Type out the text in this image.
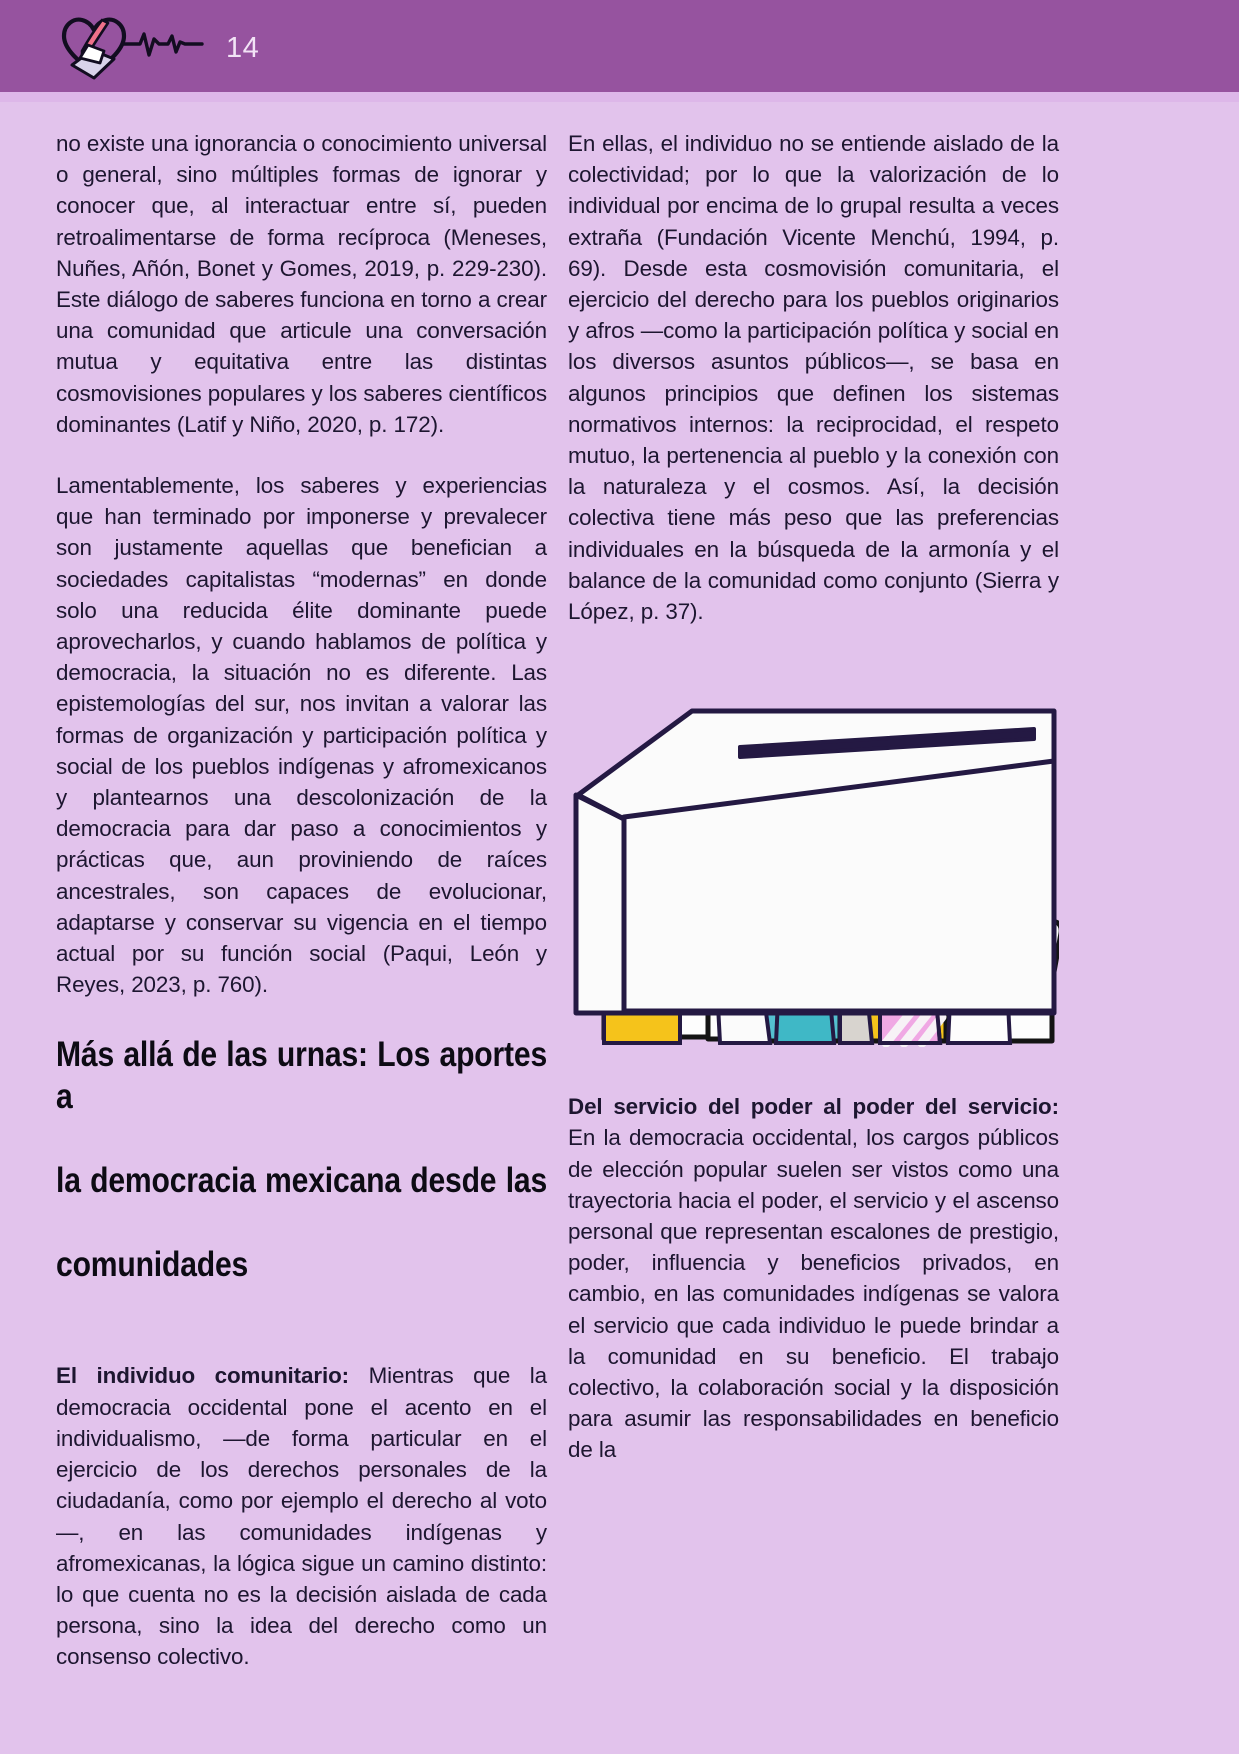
14

no existe una ignorancia o conocimiento universal o general, sino múltiples formas de ignorar y conocer que, al interactuar entre sí, pueden retroalimentarse de forma recíproca (Meneses, Nuñes, Añón, Bonet y Gomes, 2019, p. 229-230). Este diálogo de saberes funciona en torno a crear una comunidad que articule una conversación mutua y equitativa entre las distintas cosmovisiones populares y los saberes científicos dominantes (Latif y Niño, 2020, p. 172).

Lamentablemente, los saberes y experiencias que han terminado por imponerse y prevalecer son justamente aquellas que benefician a sociedades capitalistas “modernas” en donde solo una reducida élite dominante puede aprovecharlos, y cuando hablamos de política y democracia, la situación no es diferente. Las epistemologías del sur, nos invitan a valorar las formas de organización y participación política y social de los pueblos indígenas y afromexicanos y plantearnos una descolonización de la democracia para dar paso a conocimientos y prácticas que, aun proviniendo de raíces ancestrales, son capaces de evolucionar, adaptarse y conservar su vigencia en el tiempo actual por su función social (Paqui, León y Reyes, 2023, p. 760).

Más allá de las urnas: Los aportes a
la democracia mexicana desde las
comunidades

El individuo comunitario: Mientras que la democracia occidental pone el acento en el individualismo, —de forma particular en el ejercicio de los derechos personales de la ciudadanía, como por ejemplo el derecho al voto—, en las comunidades indígenas y afromexicanas, la lógica sigue un camino distinto: lo que cuenta no es la decisión aislada de cada persona, sino la idea del derecho como un consenso colectivo.

En ellas, el individuo no se entiende aislado de la colectividad; por lo que la valorización de lo individual por encima de lo grupal resulta a veces extraña (Fundación Vicente Menchú, 1994, p. 69). Desde esta cosmovisión comunitaria, el ejercicio del derecho para los pueblos originarios y afros —como la participación política y social en los diversos asuntos públicos—, se basa en algunos principios que definen los sistemas normativos internos: la reciprocidad, el respeto mutuo, la pertenencia al pueblo y la conexión con la naturaleza y el cosmos. Así, la decisión colectiva tiene más peso que las preferencias individuales en la búsqueda de la armonía y el balance de la comunidad como conjunto (Sierra y López, p. 37).

Del servicio del poder al poder del servicio: En la democracia occidental, los cargos públicos de elección popular suelen ser vistos como una trayectoria hacia el poder, el servicio y el ascenso personal que representan escalones de prestigio, poder, influencia y beneficios privados, en cambio, en las comunidades indígenas se valora el servicio que cada individuo le puede brindar a la comunidad en su beneficio. El trabajo colectivo, la colaboración social y la disposición para asumir las responsabilidades en beneficio de la
